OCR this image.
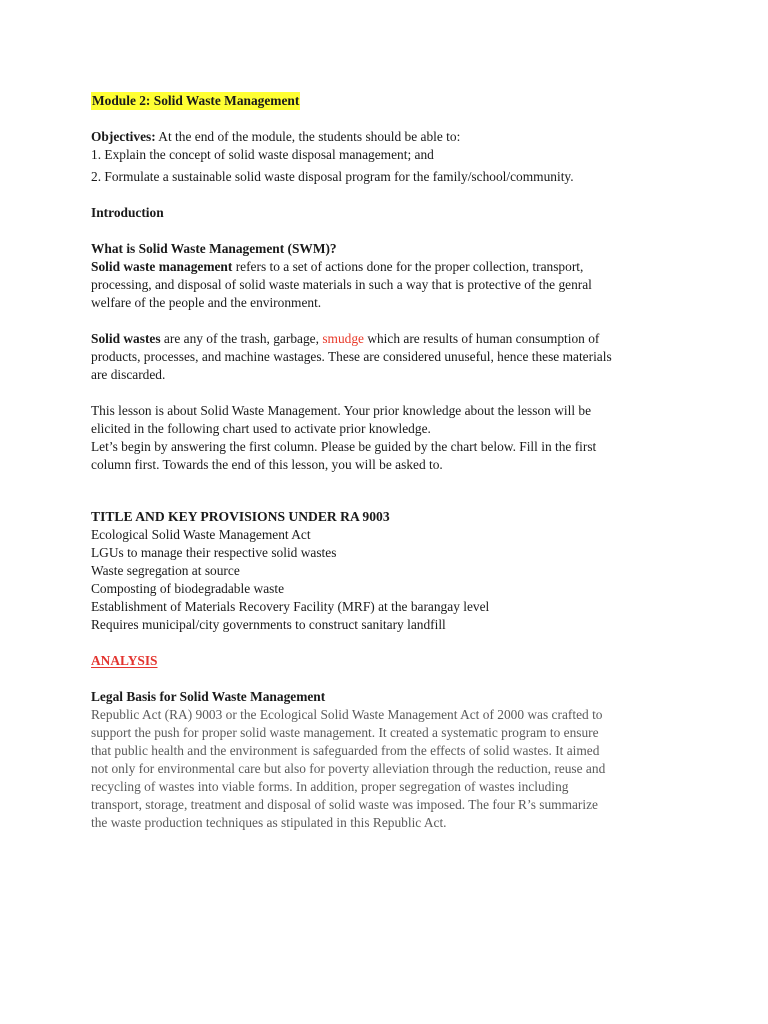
Module 2: Solid Waste Management
Objectives: At the end of the module, the students should be able to:
1. Explain the concept of solid waste disposal management; and
2. Formulate a sustainable solid waste disposal program for the family/school/community.
Introduction
What is Solid Waste Management (SWM)?
Solid waste management refers to a set of actions done for the proper collection, transport,
processing, and disposal of solid waste materials in such a way that is protective of the genral
welfare of the people and the environment.
Solid wastes are any of the trash, garbage, smudge which are results of human consumption of
products, processes, and machine wastages. These are considered unuseful, hence these materials
are discarded.
This lesson is about Solid Waste Management. Your prior knowledge about the lesson will be
elicited in the following chart used to activate prior knowledge.
Let’s begin by answering the first column. Please be guided by the chart below. Fill in the first
column first. Towards the end of this lesson, you will be asked to.
TITLE AND KEY PROVISIONS UNDER RA 9003
Ecological Solid Waste Management Act
LGUs to manage their respective solid wastes
Waste segregation at source
Composting of biodegradable waste
Establishment of Materials Recovery Facility (MRF) at the barangay level
Requires municipal/city governments to construct sanitary landfill
ANALYSIS
Legal Basis for Solid Waste Management
Republic Act (RA) 9003 or the Ecological Solid Waste Management Act of 2000 was crafted to
support the push for proper solid waste management. It created a systematic program to ensure
that public health and the environment is safeguarded from the effects of solid wastes. It aimed
not only for environmental care but also for poverty alleviation through the reduction, reuse and
recycling of wastes into viable forms. In addition, proper segregation of wastes including
transport, storage, treatment and disposal of solid waste was imposed. The four R’s summarize
the waste production techniques as stipulated in this Republic Act.
